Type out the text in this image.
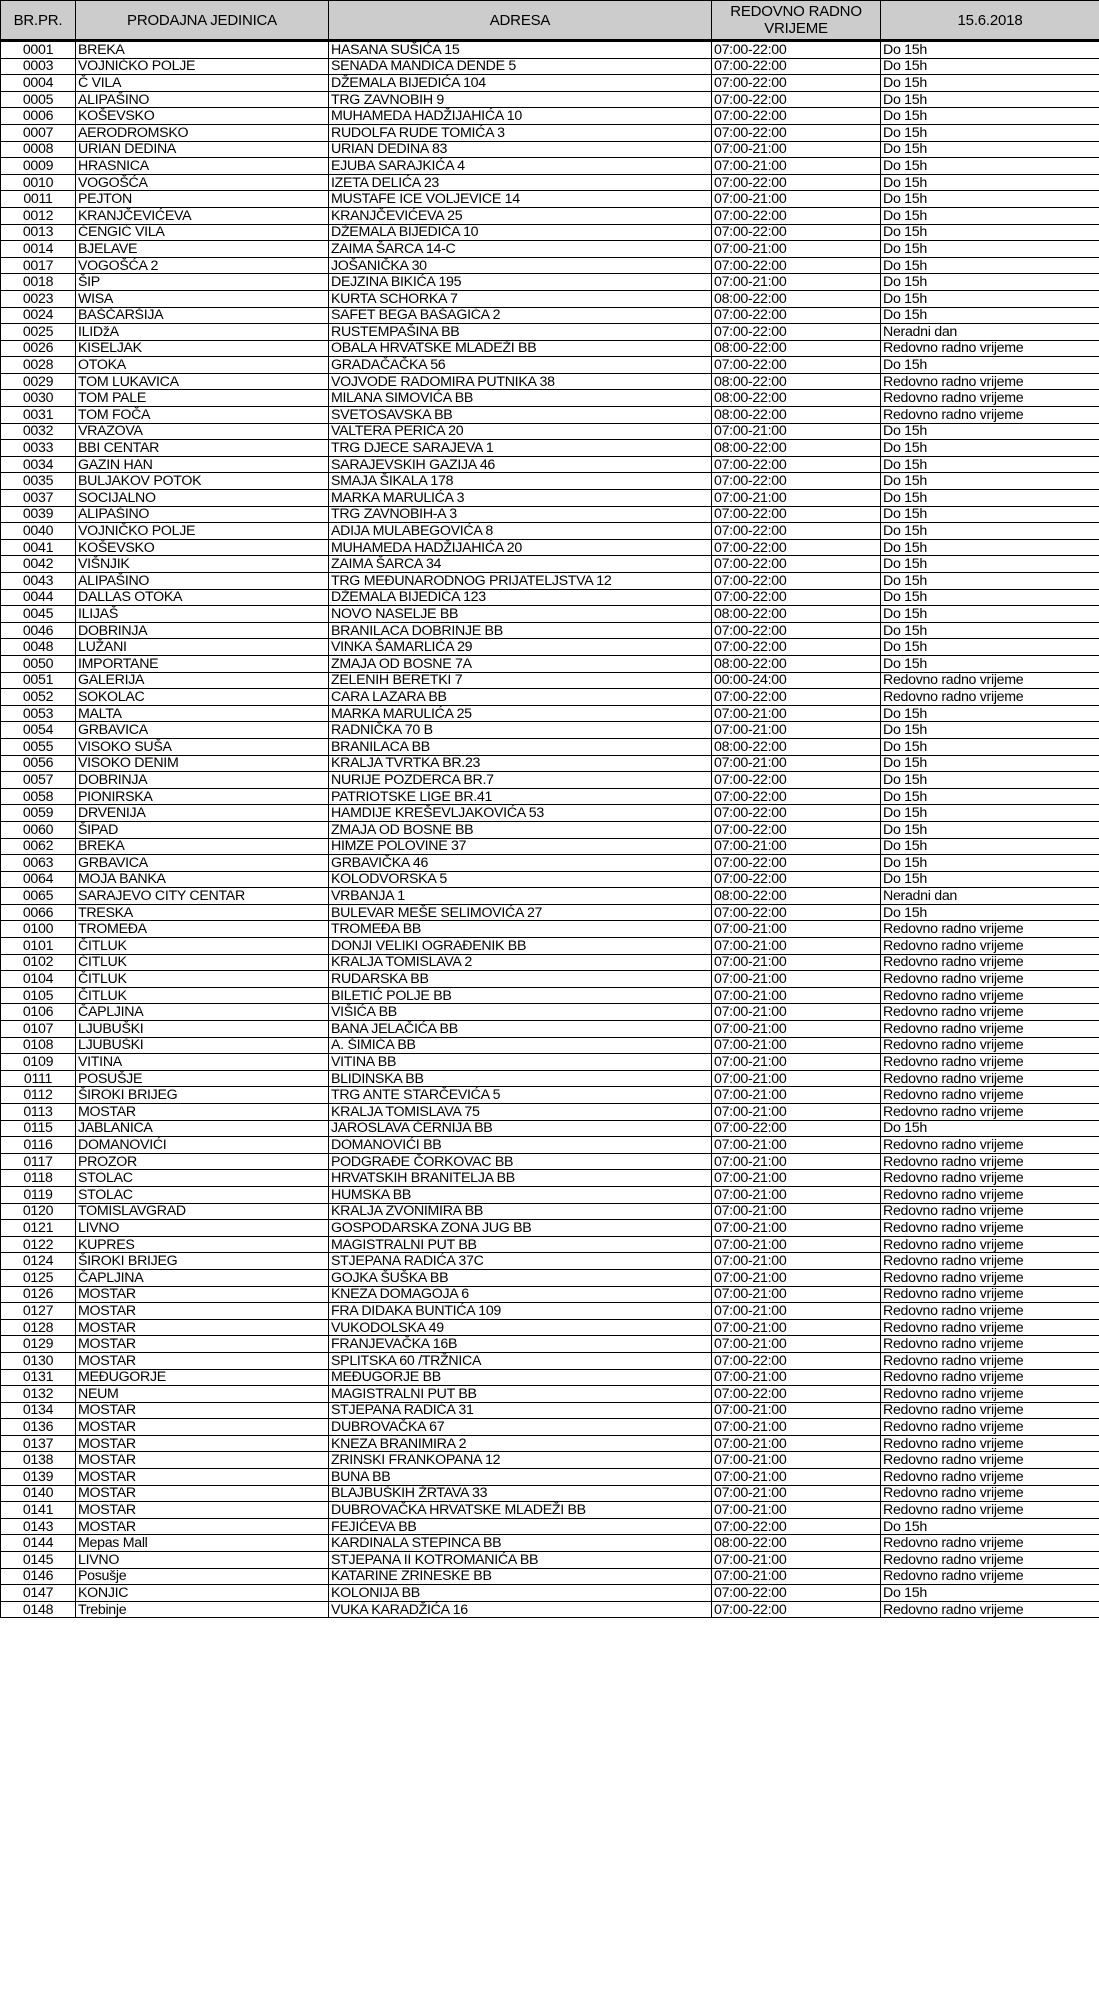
BR.PR.	PRODAJNA JEDINICA	ADRESA	REDOVNO RADNO VRIJEME	15.6.2018
0001	BREKA	HASANA SUŠIĆA 15	07:00-22:00	Do 15h
0003	VOJNIČKO POLJE	SENADA MANDIĆA DENDE 5	07:00-22:00	Do 15h
0004	Č VILA	DŽEMALA BIJEDIĆA 104	07:00-22:00	Do 15h
0005	ALIPAŠINO	TRG ZAVNOBIH 9	07:00-22:00	Do 15h
0006	KOŠEVSKO	MUHAMEDA HADŽIJAHIĆA 10	07:00-22:00	Do 15h
0007	AERODROMSKO	RUDOLFA RUDE TOMIĆA 3	07:00-22:00	Do 15h
0008	URIAN DEDINA	URIAN DEDINA 83	07:00-21:00	Do 15h
0009	HRASNICA	EJUBA SARAJKIĆA 4	07:00-21:00	Do 15h
0010	VOGOŠĆA	IZETA DELIĆA 23	07:00-22:00	Do 15h
0011	PEJTON	MUSTAFE ICE VOLJEVICE 14	07:00-21:00	Do 15h
0012	KRANJČEVIĆEVA	KRANJČEVIĆEVA 25	07:00-22:00	Do 15h
0013	ČENGIĆ VILA	DŽEMALA BIJEDIĆA 10	07:00-22:00	Do 15h
0014	BJELAVE	ZAIMA ŠARCA 14-C	07:00-21:00	Do 15h
0017	VOGOŠĆA 2	JOŠANIČKA 30	07:00-22:00	Do 15h
0018	ŠIP	DEJZINA BIKIĆA 195	07:00-21:00	Do 15h
0023	WISA	KURTA SCHORKA 7	08:00-22:00	Do 15h
0024	BAŠČARŠIJA	SAFET BEGA BAŠAGIĆA 2	07:00-22:00	Do 15h
0025	ILIDžA	RUSTEMPAŠINA BB	07:00-22:00	Neradni dan
0026	KISELJAK	OBALA HRVATSKE MLADEŽI BB	08:00-22:00	Redovno radno vrijeme
0028	OTOKA	GRADAČAČKA 56	07:00-22:00	Do 15h
0029	TOM LUKAVICA	VOJVODE RADOMIRA PUTNIKA 38	08:00-22:00	Redovno radno vrijeme
0030	TOM PALE	MILANA SIMOVIĆA BB	08:00-22:00	Redovno radno vrijeme
0031	TOM FOČA	SVETOSAVSKA BB	08:00-22:00	Redovno radno vrijeme
0032	VRAZOVA	VALTERA PERIĆA 20	07:00-21:00	Do 15h
0033	BBI CENTAR	TRG DJECE SARAJEVA 1	08:00-22:00	Do 15h
0034	GAZIN HAN	SARAJEVSKIH GAZIJA 46	07:00-22:00	Do 15h
0035	BULJAKOV POTOK	SMAJA ŠIKALA 178	07:00-22:00	Do 15h
0037	SOCIJALNO	MARKA MARULIĆA 3	07:00-21:00	Do 15h
0039	ALIPAŠINO	TRG ZAVNOBIH-A 3	07:00-22:00	Do 15h
0040	VOJNIČKO POLJE	ADIJA MULABEGOVIĆA 8	07:00-22:00	Do 15h
0041	KOŠEVSKO	MUHAMEDA HADŽIJAHIĆA 20	07:00-22:00	Do 15h
0042	VIŠNJIK	ZAIMA ŠARCA 34	07:00-22:00	Do 15h
0043	ALIPAŠINO	TRG MEĐUNARODNOG PRIJATELJSTVA 12	07:00-22:00	Do 15h
0044	DALLAS OTOKA	DŽEMALA BIJEDIĆA 123	07:00-22:00	Do 15h
0045	ILIJAŠ	NOVO NASELJE BB	08:00-22:00	Do 15h
0046	DOBRINJA	BRANILACA DOBRINJE BB	07:00-22:00	Do 15h
0048	LUŽANI	VINKA ŠAMARLIĆA 29	07:00-22:00	Do 15h
0050	IMPORTANE	ZMAJA OD BOSNE 7A	08:00-22:00	Do 15h
0051	GALERIJA	ZELENIH BERETKI 7	00:00-24:00	Redovno radno vrijeme
0052	SOKOLAC	CARA LAZARA BB	07:00-22:00	Redovno radno vrijeme
0053	MALTA	MARKA MARULIĆA 25	07:00-21:00	Do 15h
0054	GRBAVICA	RADNIČKA 70 B	07:00-21:00	Do 15h
0055	VISOKO SUŠA	BRANILACA BB	08:00-22:00	Do 15h
0056	VISOKO DENIM	KRALJA TVRTKA BR.23	07:00-21:00	Do 15h
0057	DOBRINJA	NURIJE POZDERCA BR.7	07:00-22:00	Do 15h
0058	PIONIRSKA	PATRIOTSKE LIGE BR.41	07:00-22:00	Do 15h
0059	DRVENIJA	HAMDIJE KREŠEVLJAKOVIĆA 53	07:00-22:00	Do 15h
0060	ŠIPAD	ZMAJA OD BOSNE BB	07:00-22:00	Do 15h
0062	BREKA	HIMZE POLOVINE 37	07:00-21:00	Do 15h
0063	GRBAVICA	GRBAVIČKA 46	07:00-22:00	Do 15h
0064	MOJA BANKA	KOLODVORSKA 5	07:00-22:00	Do 15h
0065	SARAJEVO CITY CENTAR	VRBANJA 1	08:00-22:00	Neradni dan
0066	TRESKA	BULEVAR MEŠE SELIMOVIĆA 27	07:00-22:00	Do 15h
0100	TROMEĐA	TROMEĐA BB	07:00-21:00	Redovno radno vrijeme
0101	ČITLUK	DONJI VELIKI OGRAĐENIK BB	07:00-21:00	Redovno radno vrijeme
0102	ČITLUK	KRALJA TOMISLAVA 2	07:00-21:00	Redovno radno vrijeme
0104	ČITLUK	RUDARSKA BB	07:00-21:00	Redovno radno vrijeme
0105	ČITLUK	BILETIĆ POLJE BB	07:00-21:00	Redovno radno vrijeme
0106	ČAPLJINA	VIŠIĆA BB	07:00-21:00	Redovno radno vrijeme
0107	LJUBUŠKI	BANA JELAČIĆA BB	07:00-21:00	Redovno radno vrijeme
0108	LJUBUŠKI	A. ŠIMIĆA BB	07:00-21:00	Redovno radno vrijeme
0109	VITINA	VITINA BB	07:00-21:00	Redovno radno vrijeme
0111	POSUŠJE	BLIDINSKA BB	07:00-21:00	Redovno radno vrijeme
0112	ŠIROKI BRIJEG	TRG ANTE STARČEVIĆA 5	07:00-21:00	Redovno radno vrijeme
0113	MOSTAR	KRALJA TOMISLAVA 75	07:00-21:00	Redovno radno vrijeme
0115	JABLANICA	JAROSLAVA ČERNIJA BB	07:00-22:00	Do 15h
0116	DOMANOVIĆI	DOMANOVIĆI BB	07:00-21:00	Redovno radno vrijeme
0117	PROZOR	PODGRAĐE ČORKOVAC BB	07:00-21:00	Redovno radno vrijeme
0118	STOLAC	HRVATSKIH BRANITELJA BB	07:00-21:00	Redovno radno vrijeme
0119	STOLAC	HUMSKA BB	07:00-21:00	Redovno radno vrijeme
0120	TOMISLAVGRAD	KRALJA ZVONIMIRA BB	07:00-21:00	Redovno radno vrijeme
0121	LIVNO	GOSPODARSKA ZONA JUG BB	07:00-21:00	Redovno radno vrijeme
0122	KUPRES	MAGISTRALNI PUT BB	07:00-21:00	Redovno radno vrijeme
0124	ŠIROKI BRIJEG	STJEPANA RADIĆA 37C	07:00-21:00	Redovno radno vrijeme
0125	ČAPLJINA	GOJKA ŠUŠKA BB	07:00-21:00	Redovno radno vrijeme
0126	MOSTAR	KNEZA DOMAGOJA 6	07:00-21:00	Redovno radno vrijeme
0127	MOSTAR	FRA DIDAKA BUNTIĆA 109	07:00-21:00	Redovno radno vrijeme
0128	MOSTAR	VUKODOLSKA 49	07:00-21:00	Redovno radno vrijeme
0129	MOSTAR	FRANJEVAČKA 16B	07:00-21:00	Redovno radno vrijeme
0130	MOSTAR	SPLITSKA 60 /TRŽNICA	07:00-22:00	Redovno radno vrijeme
0131	MEĐUGORJE	MEĐUGORJE BB	07:00-21:00	Redovno radno vrijeme
0132	NEUM	MAGISTRALNI PUT BB	07:00-22:00	Redovno radno vrijeme
0134	MOSTAR	STJEPANA RADIĆA 31	07:00-21:00	Redovno radno vrijeme
0136	MOSTAR	DUBROVAČKA 67	07:00-21:00	Redovno radno vrijeme
0137	MOSTAR	KNEZA BRANIMIRA 2	07:00-21:00	Redovno radno vrijeme
0138	MOSTAR	ZRINSKI FRANKOPANA 12	07:00-21:00	Redovno radno vrijeme
0139	MOSTAR	BUNA BB	07:00-21:00	Redovno radno vrijeme
0140	MOSTAR	BLAJBUŠKIH ŽRTAVA 33	07:00-21:00	Redovno radno vrijeme
0141	MOSTAR	DUBROVAČKA HRVATSKE MLADEŽI BB	07:00-21:00	Redovno radno vrijeme
0143	MOSTAR	FEJIĆEVA BB	07:00-22:00	Do 15h
0144	Mepas Mall	KARDINALA STEPINCA BB	08:00-22:00	Redovno radno vrijeme
0145	LIVNO	STJEPANA II KOTROMANIĆA BB	07:00-21:00	Redovno radno vrijeme
0146	Posušje	KATARINE ZRINESKE BB	07:00-21:00	Redovno radno vrijeme
0147	KONJIC	KOLONIJA BB	07:00-22:00	Do 15h
0148	Trebinje	VUKA KARADŽIĆA 16	07:00-22:00	Redovno radno vrijeme
